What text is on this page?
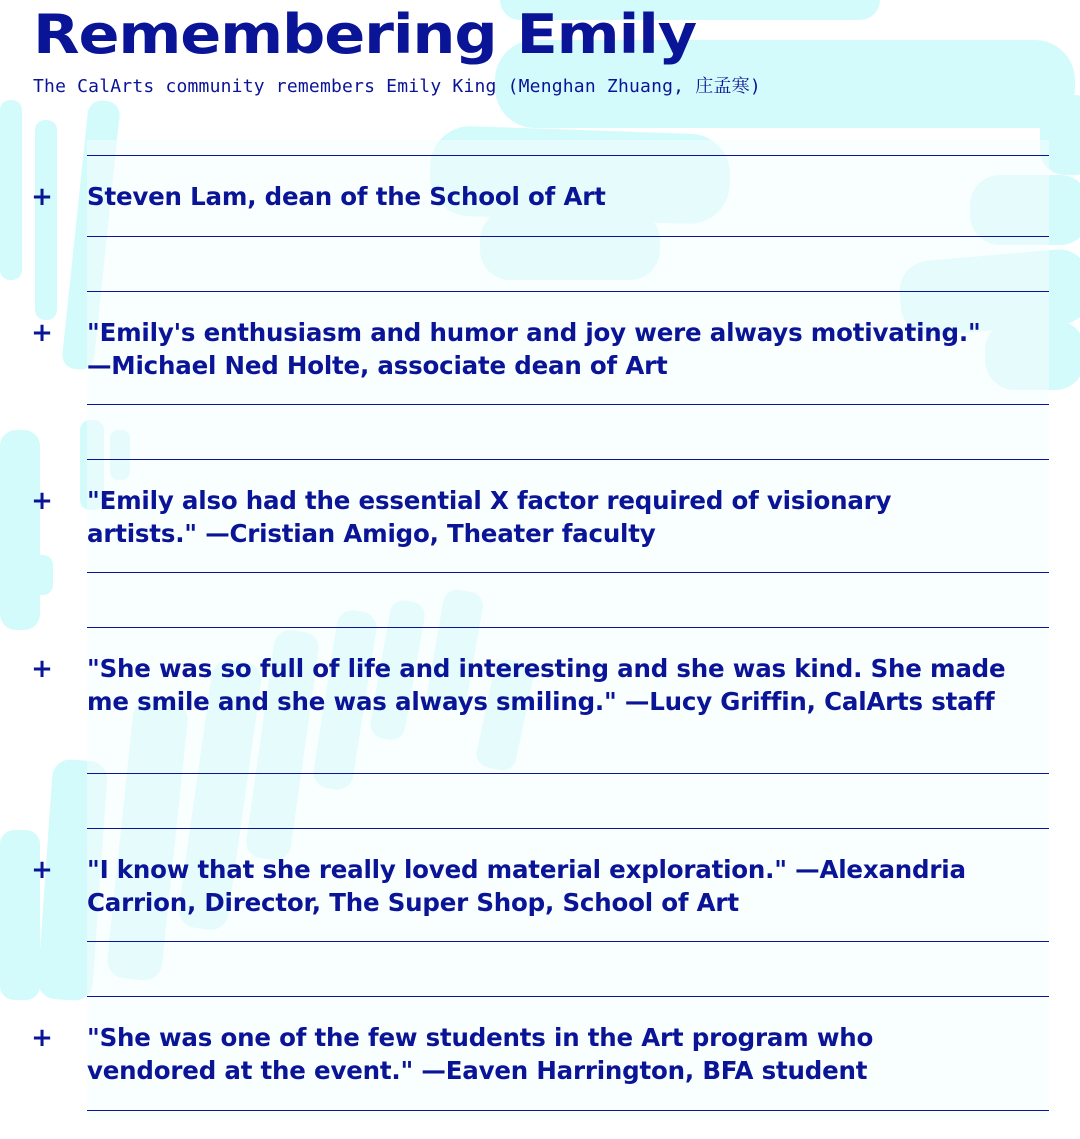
Remembering Emily

The CalArts community remembers Emily King (Menghan Zhuang, 庄孟寒)

+ Steven Lam, dean of the School of Art
+ "Emily's enthusiasm and humor and joy were always motivating." —Michael Ned Holte, associate dean of Art
+ "Emily also had the essential X factor required of visionary artists." —Cristian Amigo, Theater faculty
+ "She was so full of life and interesting and she was kind. She made me smile and she was always smiling." —Lucy Griffin, CalArts staff
+ "I know that she really loved material exploration." —Alexandria Carrion, Director, The Super Shop, School of Art
+ "She was one of the few students in the Art program who vendored at the event." —Eaven Harrington, BFA student
